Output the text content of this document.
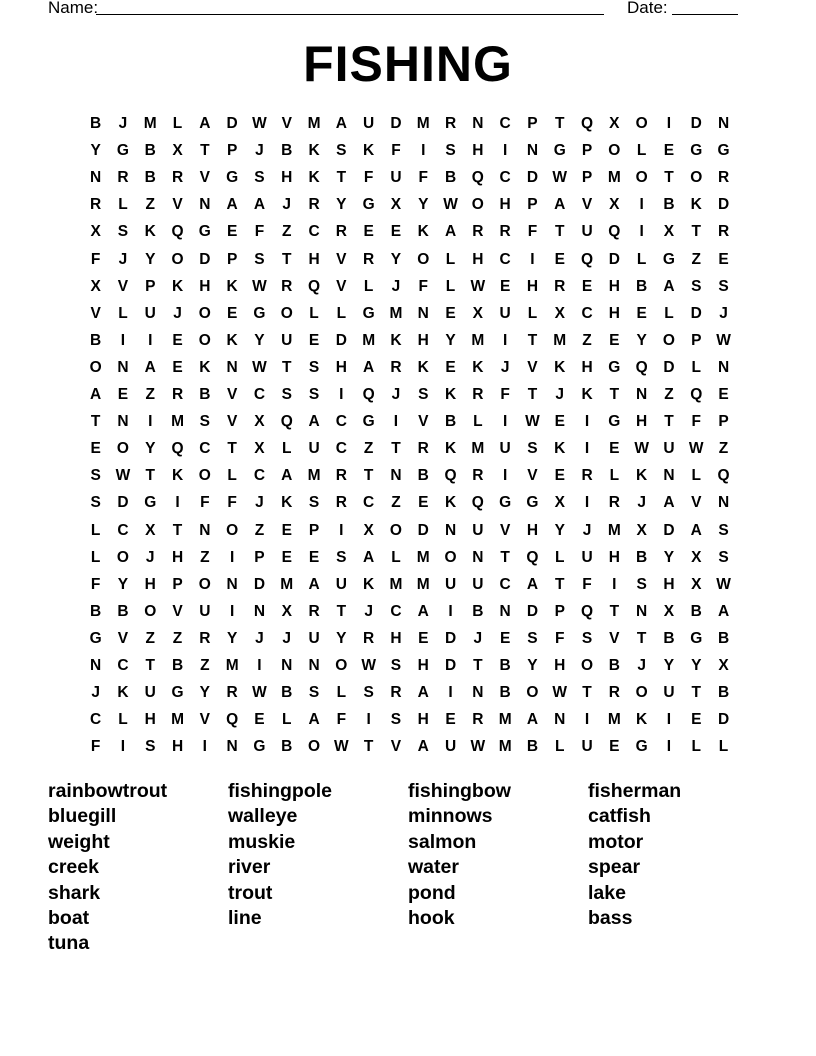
Name:	Date:
FISHING
B	J	M	L	A	D W V	M A	U	D M R	N	C	P	T	Q	X	O	I	D	N
Y	G	B	X	T	P	J	B	K	S	K	F	I	S	H	I	N	G	P	O	L	E	G G
N	R	B	R	V	G	S	H	K	T	F	U	F	B	Q	C	D W P	M O	T	O	R
R	L	Z	V	N	A	A	J	R	Y	G	X	Y W O	H	P	A	V	X	I	B	K	D
X	S	K	Q G	E	F	Z	C	R	E	E	K	A	R	R	F	T	U	Q	I	X	T	R
F	J	Y	O	D	P	S	T	H	V	R	Y	O	L	H	C	I	E	Q	D	L	G	Z	E
X	V	P	K	H	K W R	Q	V	L	J	F	L W E	H	R	E	H	B	A	S	S
V	L	U	J	O	E	G O	L	L	G M N	E	X	U	L	X	C	H	E	L	D	J
B	I	I	E	O	K	Y	U	E	D M K	H	Y	M	I	T	M	Z	E	Y	O	P W
O	N	A	E	K	N W T	S	H	A	R	K	E	K	J	V	K	H	G Q	D	L	N
A	E	Z	R	B	V	C	S	S	I	Q	J	S	K	R	F	T	J	K	T	N	Z	Q	E
T	N	I	M	S	V	X	Q	A	C	G	I	V	B	L	I	W E	I	G	H	T	F	P
E	O	Y	Q	C	T	X	L	U	C	Z	T	R	K M U	S	K	I	E W U W Z
S W T	K	O	L	C	A M R	T	N	B	Q	R	I	V	E	R	L	K	N	L	Q
S	D	G	I	F	F	J	K	S	R	C	Z	E	K	Q G G	X	I	R	J	A	V	N
L	C	X	T	N	O	Z	E	P	I	X	O	D	N	U	V	H	Y	J	M	X	D	A	S
L	O	J	H	Z	I	P	E	E	S	A	L	M O	N	T	Q	L	U	H	B	Y	X	S
F	Y	H	P	O	N	D M A	U	K M M U	U	C	A	T	F	I	S	H	X W
B	B	O	V	U	I	N	X	R	T	J	C	A	I	B	N	D	P	Q	T	N	X	B	A
G	V	Z	Z	R	Y	J	J	U	Y	R	H	E	D	J	E	S	F	S	V	T	B	G	B
N	C	T	B	Z	M	I	N	N	O W S	H	D	T	B	Y	H	O	B	J	Y	Y	X
J	K	U	G	Y	R W B	S	L	S	R	A	I	N	B	O W T	R	O	U	T	B
C	L	H M	V	Q	E	L	A	F	I	S	H	E	R M A	N	I	M K	I	E	D
F	I	S	H	I	N	G	B	O W T	V	A	U W M B	L	U	E	G	I	L	L
rainbowtrout
bluegill
weight
creek
shark
boat
tuna
fishingpole
walleye
muskie
river
trout
line
fishingbow
minnows
salmon
water
pond
hook
fisherman
catfish
motor
spear
lake
bass
